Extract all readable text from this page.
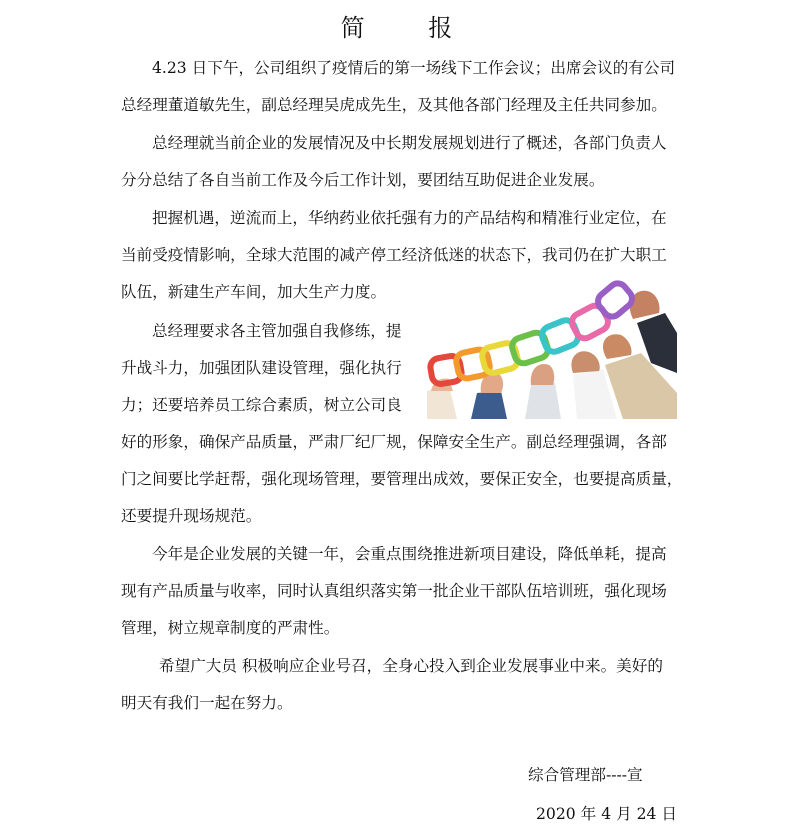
简 报
4.23 日下午，公司组织了疫情后的第一场线下工作会议；出席会议的有公司
总经理董道敏先生，副总经理吴虎成先生，及其他各部门经理及主任共同参加。
总经理就当前企业的发展情况及中长期发展规划进行了概述，各部门负责人
分分总结了各自当前工作及今后工作计划，要团结互助促进企业发展。
把握机遇，逆流而上，华纳药业依托强有力的产品结构和精准行业定位，在
当前受疫情影响，全球大范围的减产停工经济低迷的状态下，我司仍在扩大职工
队伍，新建生产车间，加大生产力度。
总经理要求各主管加强自我修练，提
升战斗力，加强团队建设管理，强化执行
力；还要培养员工综合素质，树立公司良
好的形象，确保产品质量，严肃厂纪厂规，保障安全生产。副总经理强调，各部
门之间要比学赶帮，强化现场管理，要管理出成效，要保正安全，也要提高质量，
还要提升现场规范。
今年是企业发展的关键一年，会重点围绕推进新项目建设，降低单耗，提高
现有产品质量与收率，同时认真组织落实第一批企业干部队伍培训班，强化现场
管理，树立规章制度的严肃性。
希望广大员 积极响应企业号召，全身心投入到企业发展事业中来。美好的
明天有我们一起在努力。
综合管理部----宣
2020 年 4 月 24 日
